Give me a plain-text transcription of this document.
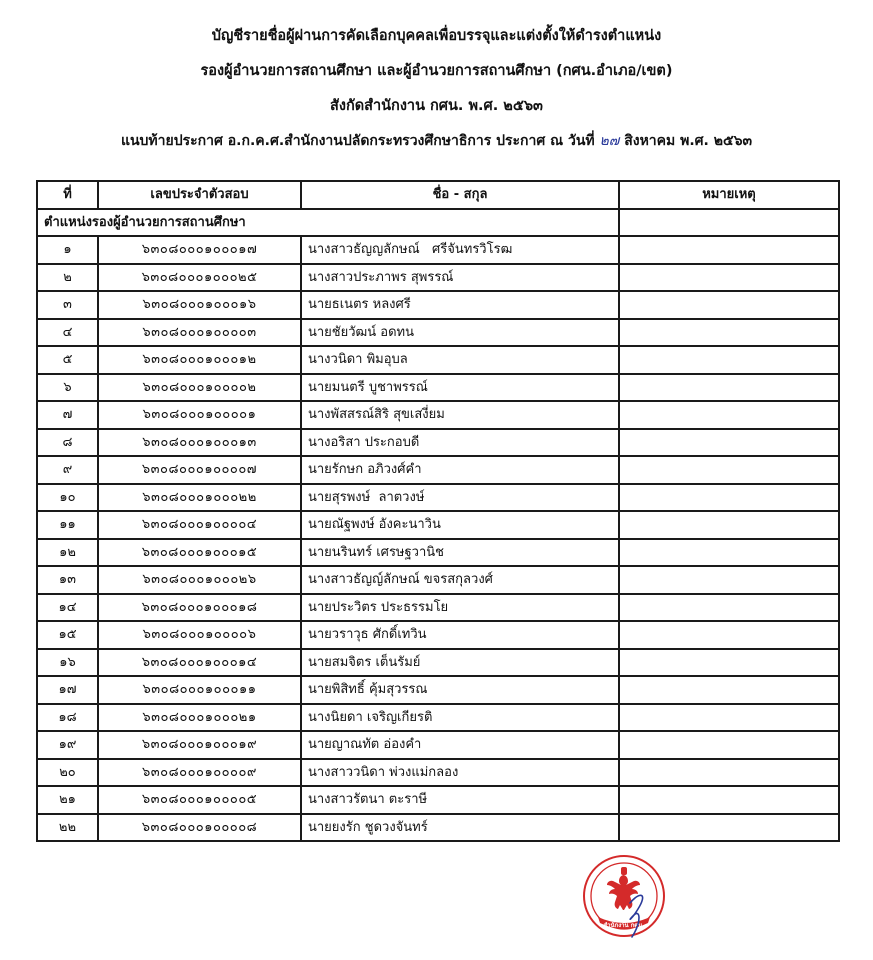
บัญชีรายชื่อผู้ผ่านการคัดเลือกบุคคลเพื่อบรรจุและแต่งตั้งให้ดำรงตำแหน่ง
รองผู้อำนวยการสถานศึกษา และผู้อำนวยการสถานศึกษา (กศน.อำเภอ/เขต)
สังกัดสำนักงาน กศน. พ.ศ. ๒๕๖๓
แนบท้ายประกาศ อ.ก.ค.ศ.สำนักงานปลัดกระทรวงศึกษาธิการ ประกาศ ณ วันที่ ๒๗ สิงหาคม พ.ศ. ๒๕๖๓
ที่	เลขประจำตัวสอบ	ชื่อ - สกุล	หมายเหตุ
ตำแหน่งรองผู้อำนวยการสถานศึกษา			
๑	๖๓๐๘๐๐๐๑๐๐๐๑๗	นางสาวธัญญลักษณ์   ศรีจันทรวิโรฒ	
๒	๖๓๐๘๐๐๐๑๐๐๐๒๕	นางสาวประภาพร สุพรรณ์	
๓	๖๓๐๘๐๐๐๑๐๐๐๑๖	นายธเนตร หลงศรี	
๔	๖๓๐๘๐๐๐๑๐๐๐๐๓	นายชัยวัฒน์ อดทน	
๕	๖๓๐๘๐๐๐๑๐๐๐๑๒	นางวนิดา พิมอุบล	
๖	๖๓๐๘๐๐๐๑๐๐๐๐๒	นายมนตรี บูชาพรรณ์	
๗	๖๓๐๘๐๐๐๑๐๐๐๐๑	นางพัสสรณ์สิริ สุขเสงี่ยม	
๘	๖๓๐๘๐๐๐๑๐๐๐๑๓	นางอริสา ประกอบดี	
๙	๖๓๐๘๐๐๐๑๐๐๐๐๗	นายรักษก อภิวงศ์คำ	
๑๐	๖๓๐๘๐๐๐๑๐๐๐๒๒	นายสุรพงษ์  ลาตวงษ์	
๑๑	๖๓๐๘๐๐๐๑๐๐๐๐๔	นายณัฐพงษ์ อังคะนาวิน	
๑๒	๖๓๐๘๐๐๐๑๐๐๐๑๕	นายนรินทร์ เศรษฐวานิช	
๑๓	๖๓๐๘๐๐๐๑๐๐๐๒๖	นางสาวธัญญ์ลักษณ์ ขจรสกุลวงศ์	
๑๔	๖๓๐๘๐๐๐๑๐๐๐๑๘	นายประวิตร ประธรรมโย	
๑๕	๖๓๐๘๐๐๐๑๐๐๐๐๖	นายวราวุธ ศักดิ์เทวิน	
๑๖	๖๓๐๘๐๐๐๑๐๐๐๑๔	นายสมจิตร เต็นรัมย์	
๑๗	๖๓๐๘๐๐๐๑๐๐๐๑๑	นายพิสิทธิ์ คุ้มสุวรรณ	
๑๘	๖๓๐๘๐๐๐๑๐๐๐๒๑	นางนิยดา เจริญเกียรติ	
๑๙	๖๓๐๘๐๐๐๑๐๐๐๑๙	นายญาณทัต อ่องคำ	
๒๐	๖๓๐๘๐๐๐๑๐๐๐๐๙	นางสาววนิดา พ่วงแม่กลอง	
๒๑	๖๓๐๘๐๐๐๑๐๐๐๐๕	นางสาวรัตนา ตะราษี	
๒๒	๖๓๐๘๐๐๐๑๐๐๐๐๘	นายยงรัก ชูดวงจันทร์	
สำนักงาน กศน.
